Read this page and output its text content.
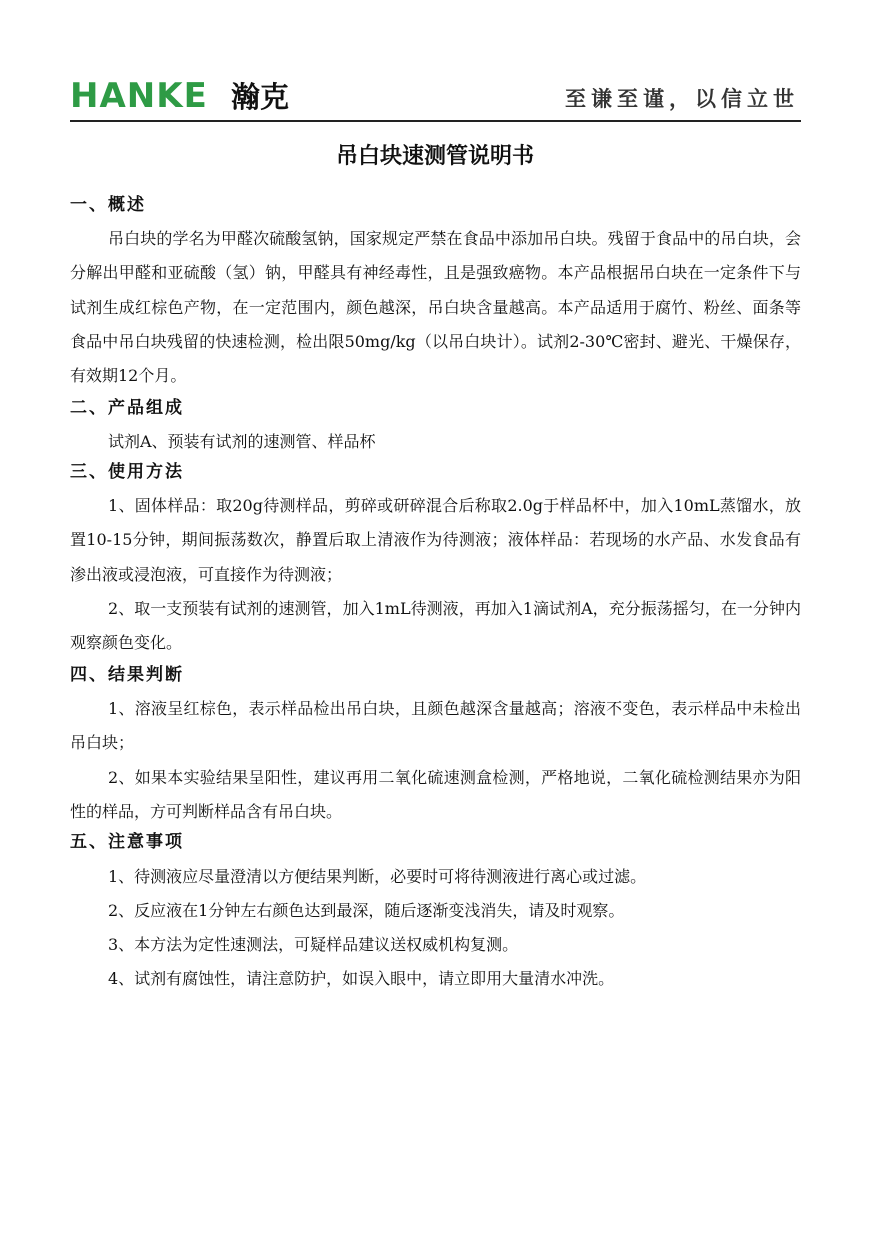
HANKE 瀚克	至谦至谨，以信立世
吊白块速测管说明书
一、概述
吊白块的学名为甲醛次硫酸氢钠，国家规定严禁在食品中添加吊白块。残留于食品中的吊白块，会分解出甲醛和亚硫酸（氢）钠，甲醛具有神经毒性，且是强致癌物。本产品根据吊白块在一定条件下与试剂生成红棕色产物，在一定范围内，颜色越深，吊白块含量越高。本产品适用于腐竹、粉丝、面条等食品中吊白块残留的快速检测，检出限50mg/kg（以吊白块计）。试剂2-30℃密封、避光、干燥保存，有效期12个月。
二、产品组成
试剂A、预装有试剂的速测管、样品杯
三、使用方法
1、固体样品：取20g待测样品，剪碎或研碎混合后称取2.0g于样品杯中，加入10mL蒸馏水，放置10-15分钟，期间振荡数次，静置后取上清液作为待测液；液体样品：若现场的水产品、水发食品有渗出液或浸泡液，可直接作为待测液；
2、取一支预装有试剂的速测管，加入1mL待测液，再加入1滴试剂A，充分振荡摇匀，在一分钟内观察颜色变化。
四、结果判断
1、溶液呈红棕色，表示样品检出吊白块，且颜色越深含量越高；溶液不变色，表示样品中未检出吊白块；
2、如果本实验结果呈阳性，建议再用二氧化硫速测盒检测，严格地说，二氧化硫检测结果亦为阳性的样品，方可判断样品含有吊白块。
五、注意事项
1、待测液应尽量澄清以方便结果判断，必要时可将待测液进行离心或过滤。
2、反应液在1分钟左右颜色达到最深，随后逐渐变浅消失，请及时观察。
3、本方法为定性速测法，可疑样品建议送权威机构复测。
4、试剂有腐蚀性，请注意防护，如误入眼中，请立即用大量清水冲洗。
